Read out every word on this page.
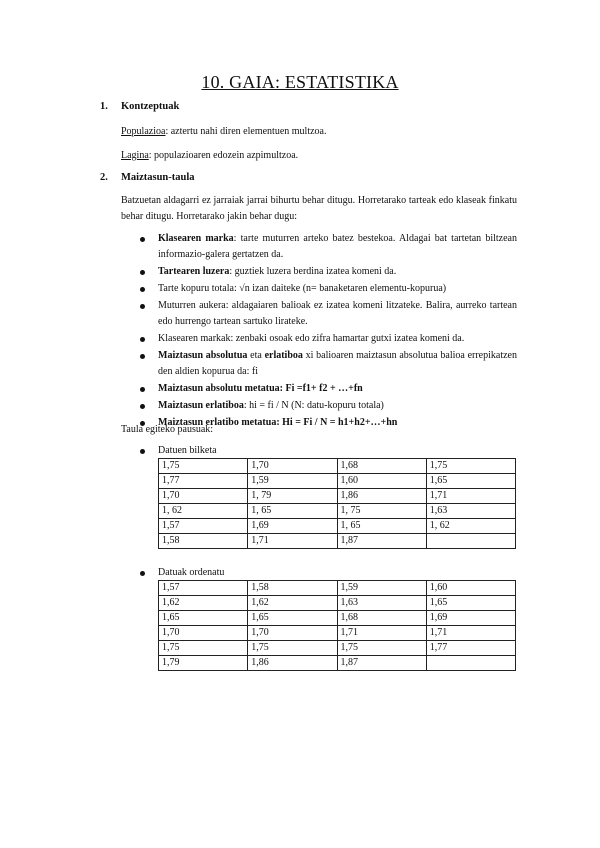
10. GAIA: ESTATISTIKA
1. Kontzeptuak
Populazioa: aztertu nahi diren elementuen multzoa.
Lagina: populazioaren edozein azpimultzoa.
2. Maiztasun-taula
Batzuetan aldagarri ez jarraiak jarrai bihurtu behar ditugu. Horretarako tarteak edo klaseak finkatu behar ditugu. Horretarako jakin behar dugu:
Klasearen marka: tarte muturren arteko batez bestekoa. Aldagai bat tartetan biltzean informazio-galera gertatzen da.
Tartearen luzera: guztiek luzera berdina izatea komeni da.
Tarte kopuru totala: √n izan daiteke (n= banaketaren elementu-kopurua)
Muturren aukera: aldagaiaren balioak ez izatea komeni litzateke. Balira, aurreko tartean edo hurrengo tartean sartuko lirateke.
Klasearen markak: zenbaki osoak edo zifra hamartar gutxi izatea komeni da.
Maiztasun absolutua eta erlatiboa xi balioaren maiztasun absolutua balioa errepikatzen den aldien kopurua da: fi
Maiztasun absolutu metatua: Fi =f1+ f2 + …+fn
Maiztasun erlatiboa: hi = fi / N (N: datu-kopuru totala)
Maiztasun erlatibo metatua: Hi = Fi / N = h1+h2+…+hn
Taula egiteko pausuak:
Datuen bilketa
1,75	1,70	1,68	1,75
1,77	1,59	1,60	1,65
1,70	1, 79	1,86	1,71
1, 62	1, 65	1, 75	1,63
1,57	1,69	1, 65	1, 62
1,58	1,71	1,87	
Datuak ordenatu
1,57	1,58	1,59	1,60
1,62	1,62	1,63	1,65
1,65	1,65	1,68	1,69
1,70	1,70	1,71	1,71
1,75	1,75	1,75	1,77
1,79	1,86	1,87	
